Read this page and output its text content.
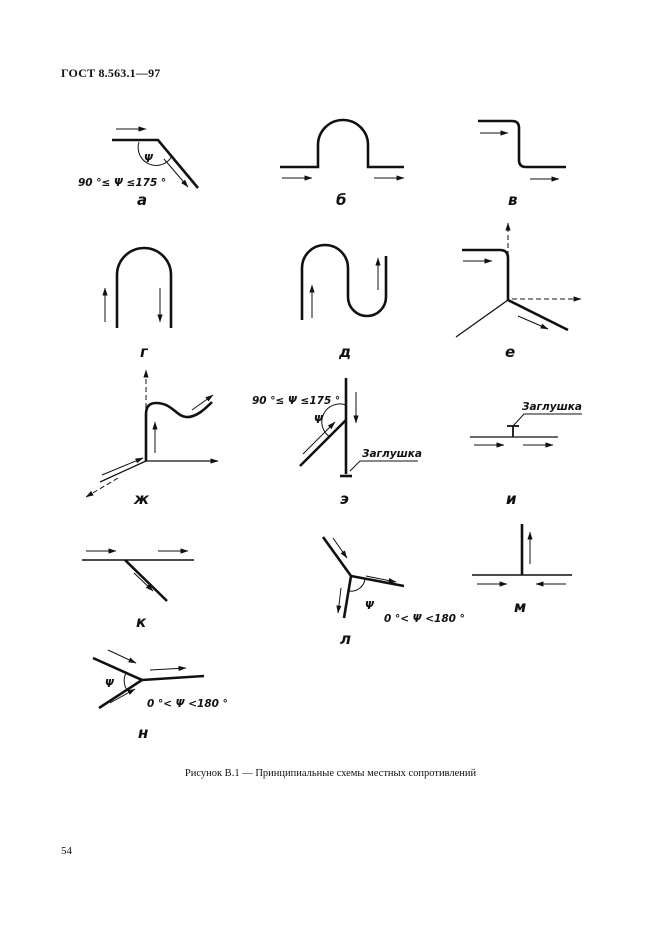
ГОСТ 8.563.1—97
Ψ
90 °≤ Ψ ≤175 °
а	б	в
г	д	е
ж
90 °≤ Ψ ≤175 °
Ψ
Заглушка
э
Заглушка
и
к
Ψ
0 °< Ψ <180 °
л
м
Ψ
0 °< Ψ <180 °
н
Рисунок В.1 — Принципиальные схемы местных сопротивлений
54
